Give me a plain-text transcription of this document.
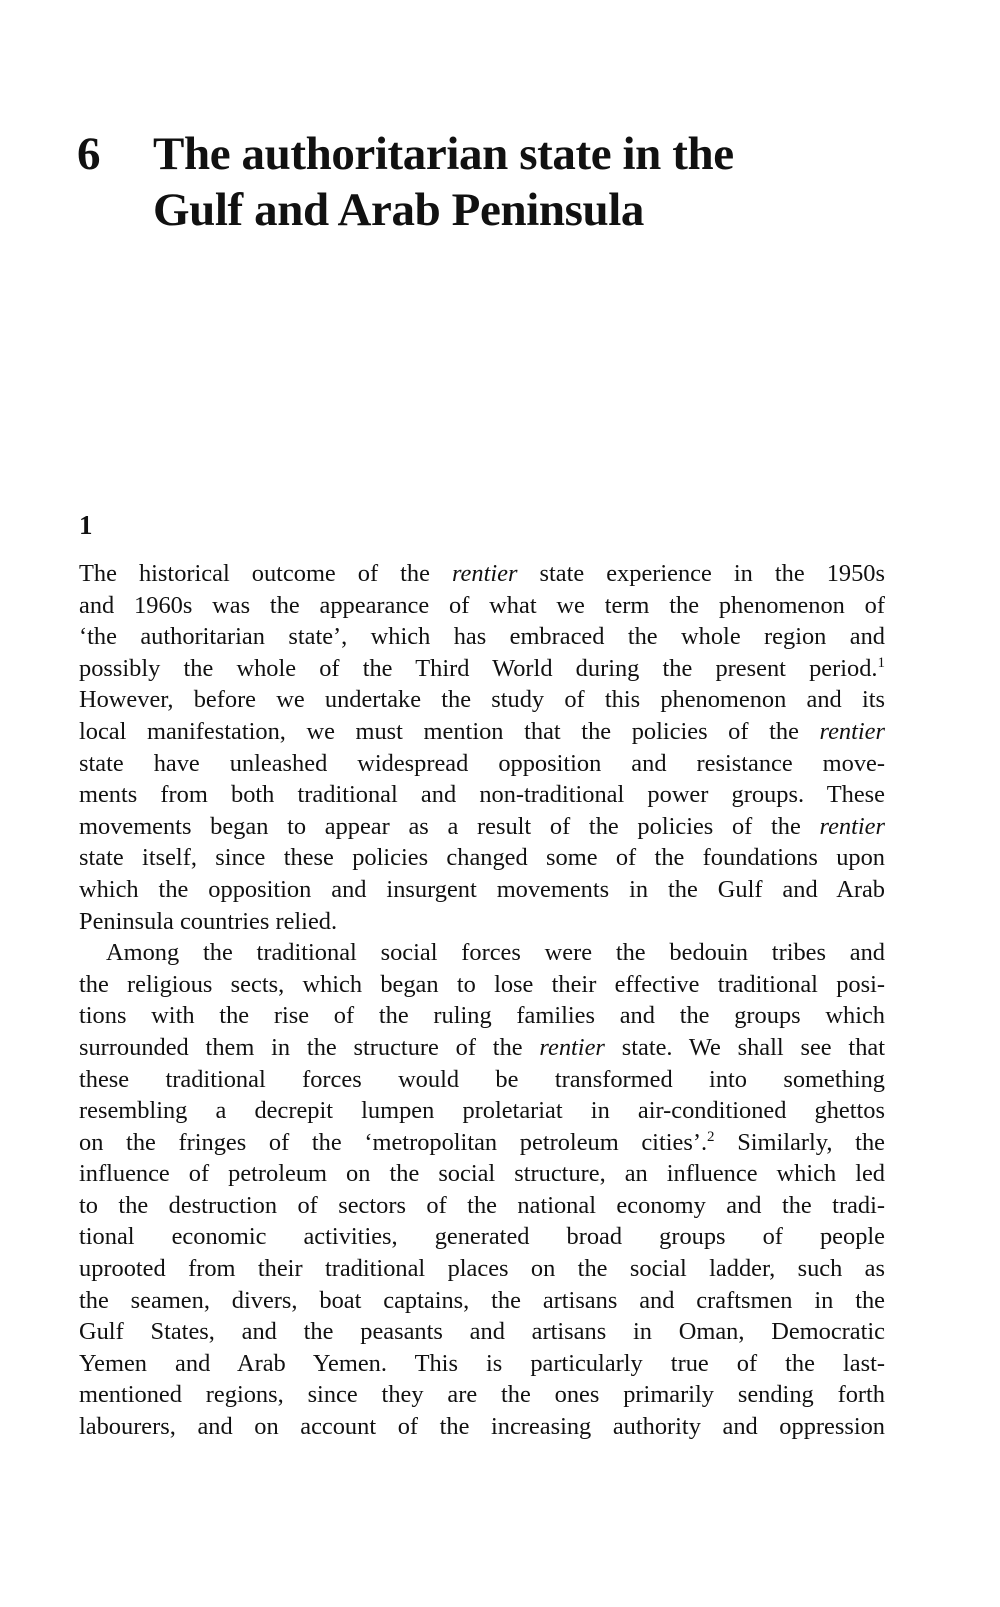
6	The authoritarian state in the
Gulf and Arab Peninsula
1

The historical outcome of the rentier state experience in the 1950s
and 1960s was the appearance of what we term the phenomenon of
‘the authoritarian state’, which has embraced the whole region and
possibly the whole of the Third World during the present period.$^1$
However, before we undertake the study of this phenomenon and its
local manifestation, we must mention that the policies of the rentier
state have unleashed widespread opposition and resistance move-
ments from both traditional and non-traditional power groups. These
movements began to appear as a result of the policies of the rentier
state itself, since these policies changed some of the foundations upon
which the opposition and insurgent movements in the Gulf and Arab
Peninsula countries relied.

Among the traditional social forces were the bedouin tribes and
the religious sects, which began to lose their effective traditional posi-
tions with the rise of the ruling families and the groups which
surrounded them in the structure of the rentier state. We shall see that
these traditional forces would be transformed into something
resembling a decrepit lumpen proletariat in air-conditioned ghettos
on the fringes of the ‘metropolitan petroleum cities’.$^2$ Similarly, the
influence of petroleum on the social structure, an influence which led
to the destruction of sectors of the national economy and the tradi-
tional economic activities, generated broad groups of people
uprooted from their traditional places on the social ladder, such as
the seamen, divers, boat captains, the artisans and craftsmen in the
Gulf States, and the peasants and artisans in Oman, Democratic
Yemen and Arab Yemen. This is particularly true of the last-
mentioned regions, since they are the ones primarily sending forth
labourers, and on account of the increasing authority and oppression
